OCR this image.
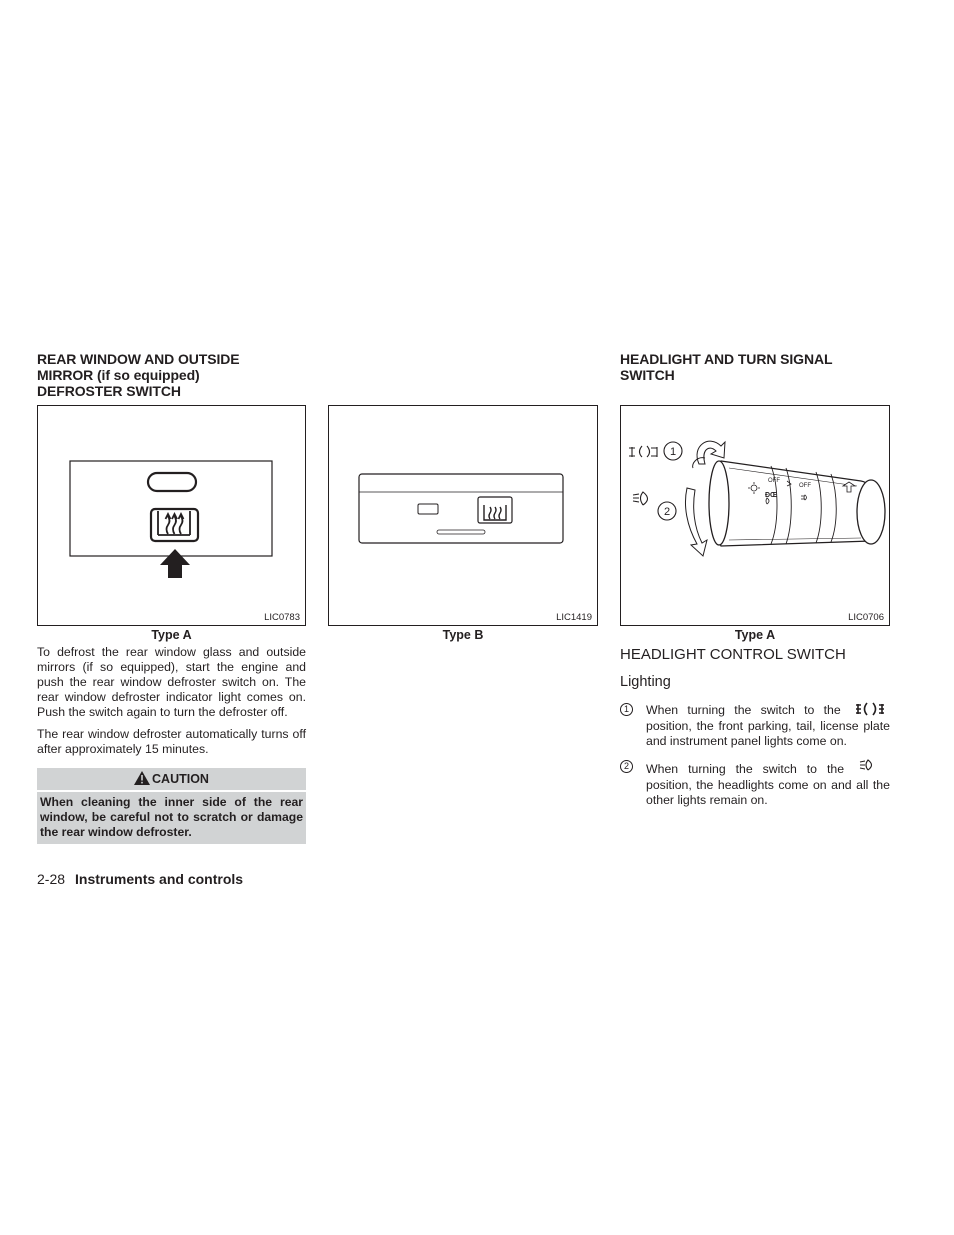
REAR WINDOW AND OUTSIDE
MIRROR (if so equipped)
DEFROSTER SWITCH
HEADLIGHT AND TURN SIGNAL
SWITCH
LIC0783
Type A
LIC1419
Type B
1
2
OFF
OFF
ĐŒ
LIC0706
Type A
To defrost the rear window glass and outside mirrors (if so equipped), start the engine and push the rear window defroster switch on. The rear window defroster indicator light comes on. Push the switch again to turn the defroster off.
The rear window defroster automatically turns off after approximately 15 minutes.
CAUTION
When cleaning the inner side of the rear window, be careful not to scratch or damage the rear window defroster.
HEADLIGHT CONTROL SWITCH
Lighting
1	When turning the switch to the  position, the front parking, tail, license plate and instrument panel lights come on.
2	When turning the switch to the  position, the headlights come on and all the other lights remain on.
2-28 Instruments and controls
